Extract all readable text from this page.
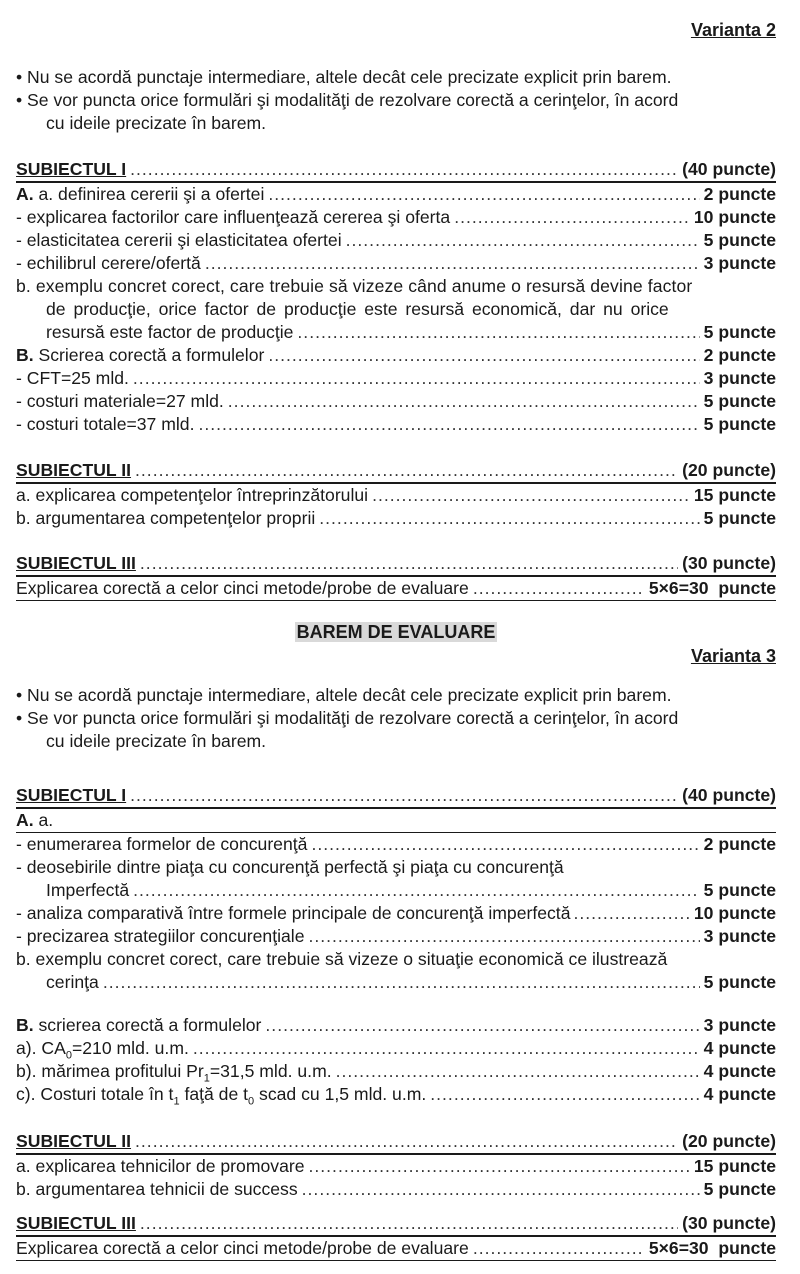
Varianta 2
• Nu se acordă punctaje intermediare, altele decât cele precizate explicit prin barem.
• Se vor puncta orice formulări şi modalităţi de rezolvare corectă a cerinţelor, în acord
cu ideile precizate în barem.
SUBIECTUL I .....	(40 puncte)
A. a. definirea cererii şi a ofertei .....	2 puncte
- explicarea factorilor care influenţează cererea şi oferta .....	10 puncte
- elasticitatea cererii şi elasticitatea ofertei .....	5 puncte
- echilibrul cerere/ofertă .....	3 puncte
b. exemplu concret corect, care trebuie să vizeze când anume o resursă devine factor
de producţie, orice factor de producţie este resursă economică, dar nu orice
resursă este factor de producţie .....	5 puncte
B. Scrierea corectă a formulelor .....	2 puncte
- CFT=25 mld. .....	3 puncte
- costuri materiale=27 mld. .....	5 puncte
- costuri totale=37 mld. .....	5 puncte
SUBIECTUL II .....	(20 puncte)
a. explicarea competenţelor întreprinzătorului .....	15 puncte
b. argumentarea competenţelor proprii .....	5 puncte
SUBIECTUL III .....	(30 puncte)
Explicarea corectă a celor cinci metode/probe de evaluare .....	5×6=30  puncte
BAREM DE EVALUARE
Varianta 3
• Nu se acordă punctaje intermediare, altele decât cele precizate explicit prin barem.
• Se vor puncta orice formulări şi modalităţi de rezolvare corectă a cerinţelor, în acord
cu ideile precizate în barem.
SUBIECTUL I .....	(40 puncte)
A. a.
- enumerarea formelor de concurenţă .....	2 puncte
- deosebirile dintre piaţa cu concurenţă perfectă şi piaţa cu concurenţă
Imperfectă .....	5 puncte
- analiza comparativă între formele principale de concurenţă imperfectă .....	10 puncte
- precizarea strategiilor concurenţiale .....	3 puncte
b. exemplu concret corect, care trebuie să vizeze o situaţie economică ce ilustrează
cerinţa .....	5 puncte
B. scrierea corectă a formulelor .....	3 puncte
a). $CA_0=210$ mld. u.m. .....	4 puncte
b). mărimea profitului $Pr_1=31,5$ mld. u.m. .....	4 puncte
c). Costuri totale în $t_1$ faţă de $t_0$ scad cu 1,5 mld. u.m. .....	4 puncte
SUBIECTUL II .....	(20 puncte)
a. explicarea tehnicilor de promovare .....	15 puncte
b. argumentarea tehnicii de success .....	5 puncte
SUBIECTUL III .....	(30 puncte)
Explicarea corectă a celor cinci metode/probe de evaluare .....	5×6=30  puncte
